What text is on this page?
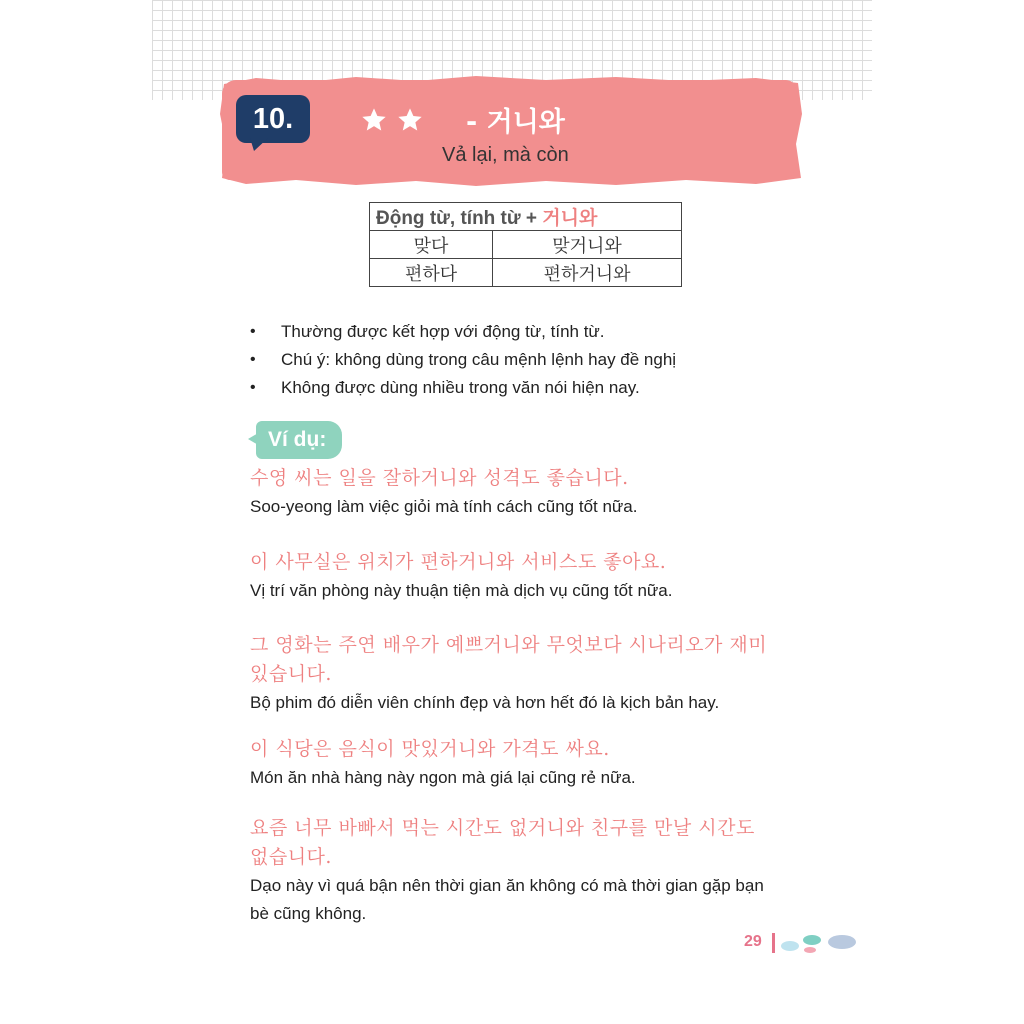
10.	- 거니와
Vả lại, mà còn
Động từ, tính từ + 거니와	
맞다	맞거니와
편하다	편하거니와
•	Thường được kết hợp với động từ, tính từ.
•	Chú ý: không dùng trong câu mệnh lệnh hay đề nghị
•	Không được dùng nhiều trong văn nói hiện nay.
Ví dụ:
수영 씨는 일을 잘하거니와 성격도 좋습니다.
Soo-yeong làm việc giỏi mà tính cách cũng tốt nữa.
이 사무실은 위치가 편하거니와 서비스도 좋아요.
Vị trí văn phòng này thuận tiện mà dịch vụ cũng tốt nữa.
그 영화는 주연 배우가 예쁘거니와 무엇보다 시나리오가 재미있습니다.
Bộ phim đó diễn viên chính đẹp và hơn hết đó là kịch bản hay.
이 식당은 음식이 맛있거니와 가격도 싸요.
Món ăn nhà hàng này ngon mà giá lại cũng rẻ nữa.
요즘 너무 바빠서 먹는 시간도 없거니와 친구를 만날 시간도 없습니다.
Dạo này vì quá bận nên thời gian ăn không có mà thời gian gặp bạn bè cũng không.
29
